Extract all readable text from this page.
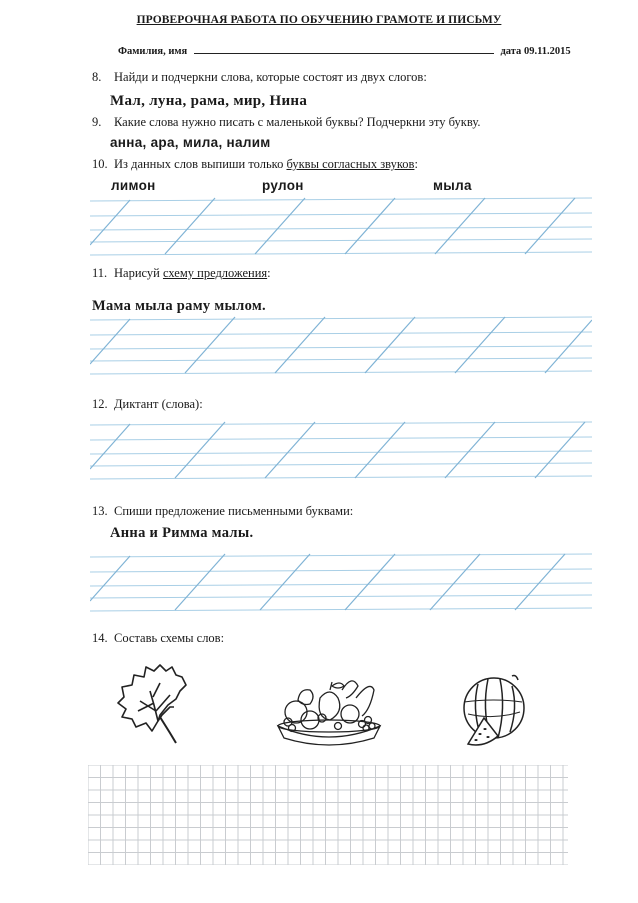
ПРОВЕРОЧНАЯ РАБОТА ПО ОБУЧЕНИЮ ГРАМОТЕ И ПИСЬМУ
Фамилия, имя	дата 09.11.2015
8. Найди и подчеркни слова, которые состоят из двух слогов:
Мал, луна, рама, мир, Нина
9. Какие слова нужно писать с маленькой буквы? Подчеркни эту букву.
анна, ара, мила, налим
10. Из данных слов выпиши только буквы согласных звуков:
лимон	рулон	мыла
11. Нарисуй схему предложения:
Мама мыла раму мылом.
12. Диктант (слова):
13. Спиши предложение письменными буквами:
Анна и Римма малы.
14. Составь схемы слов:
